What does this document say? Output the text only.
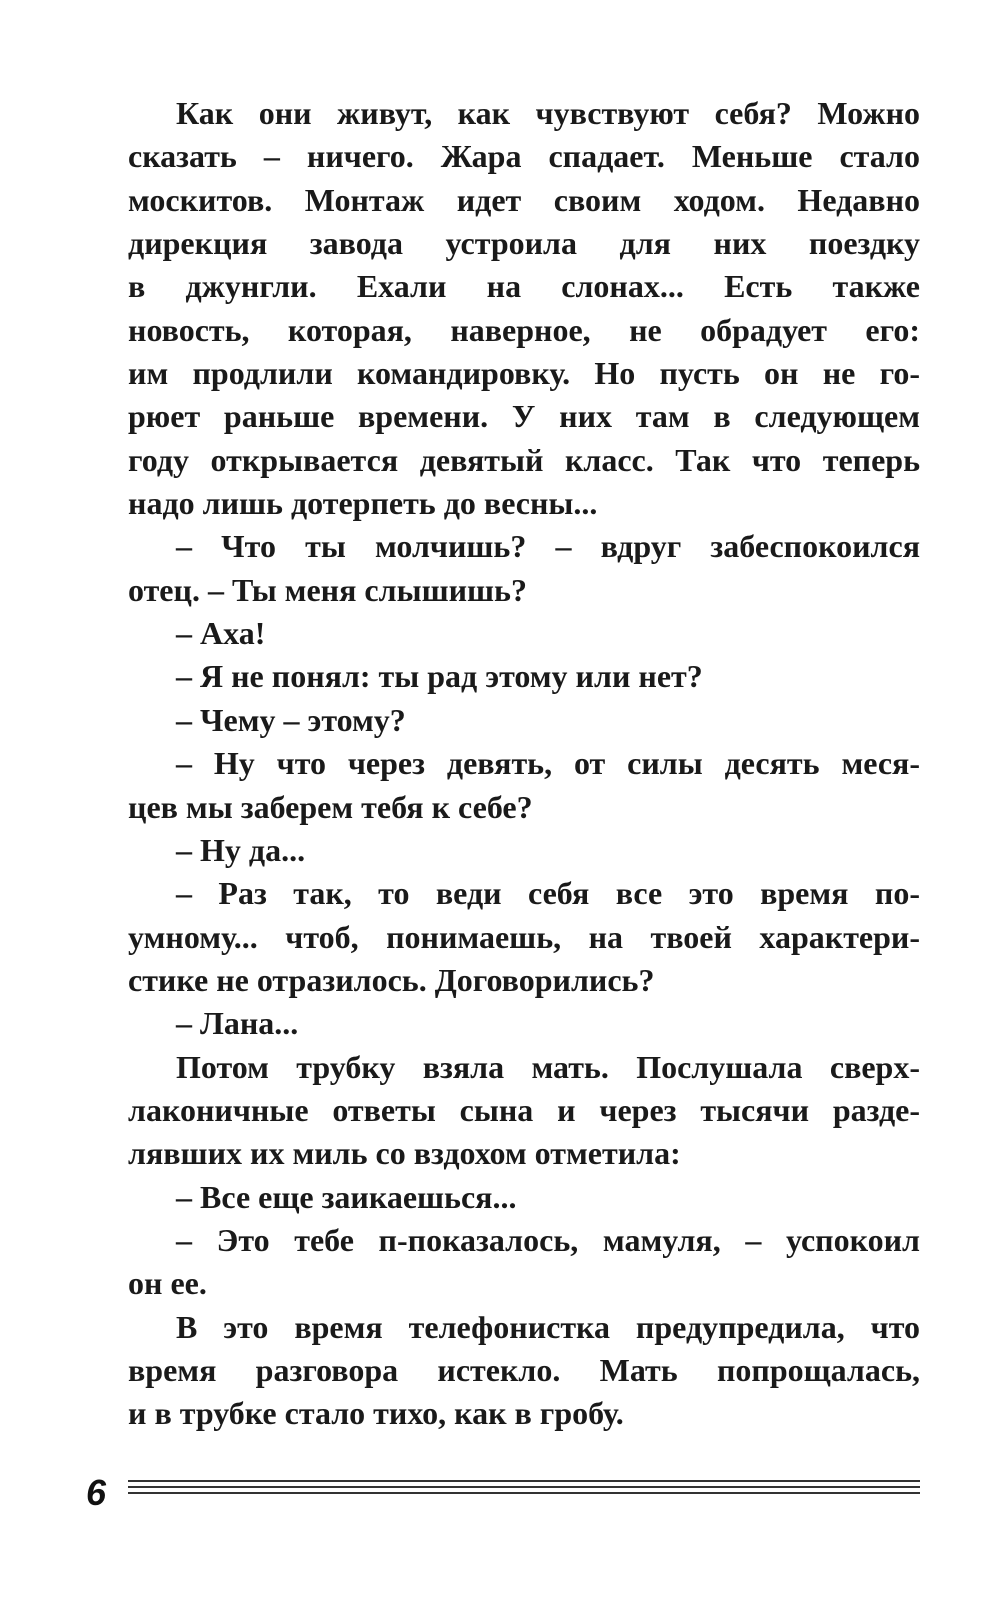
Как они живут, как чувствуют себя? Можно
сказать – ничего. Жара спадает. Меньше стало
москитов. Монтаж идет своим ходом. Недавно
дирекция завода устроила для них поездку
в джунгли. Ехали на слонах... Есть также
новость, которая, наверное, не обрадует его:
им продлили командировку. Но пусть он не го-
рюет раньше времени. У них там в следующем
году открывается девятый класс. Так что теперь
надо лишь дотерпеть до весны...
– Что ты молчишь? – вдруг забеспокоился
отец. – Ты меня слышишь?
– Аха!
– Я не понял: ты рад этому или нет?
– Чему – этому?
– Ну что через девять, от силы десять меся-
цев мы заберем тебя к себе?
– Ну да...
– Раз так, то веди себя все это время по-
умному... чтоб, понимаешь, на твоей характери-
стике не отразилось. Договорились?
– Лана...
Потом трубку взяла мать. Послушала сверх-
лаконичные ответы сына и через тысячи разде-
лявших их миль со вздохом отметила:
– Все еще заикаешься...
– Это тебе п-показалось, мамуля, – успокоил
он ее.
В это время телефонистка предупредила, что
время разговора истекло. Мать попрощалась,
и в трубке стало тихо, как в гробу.
6
